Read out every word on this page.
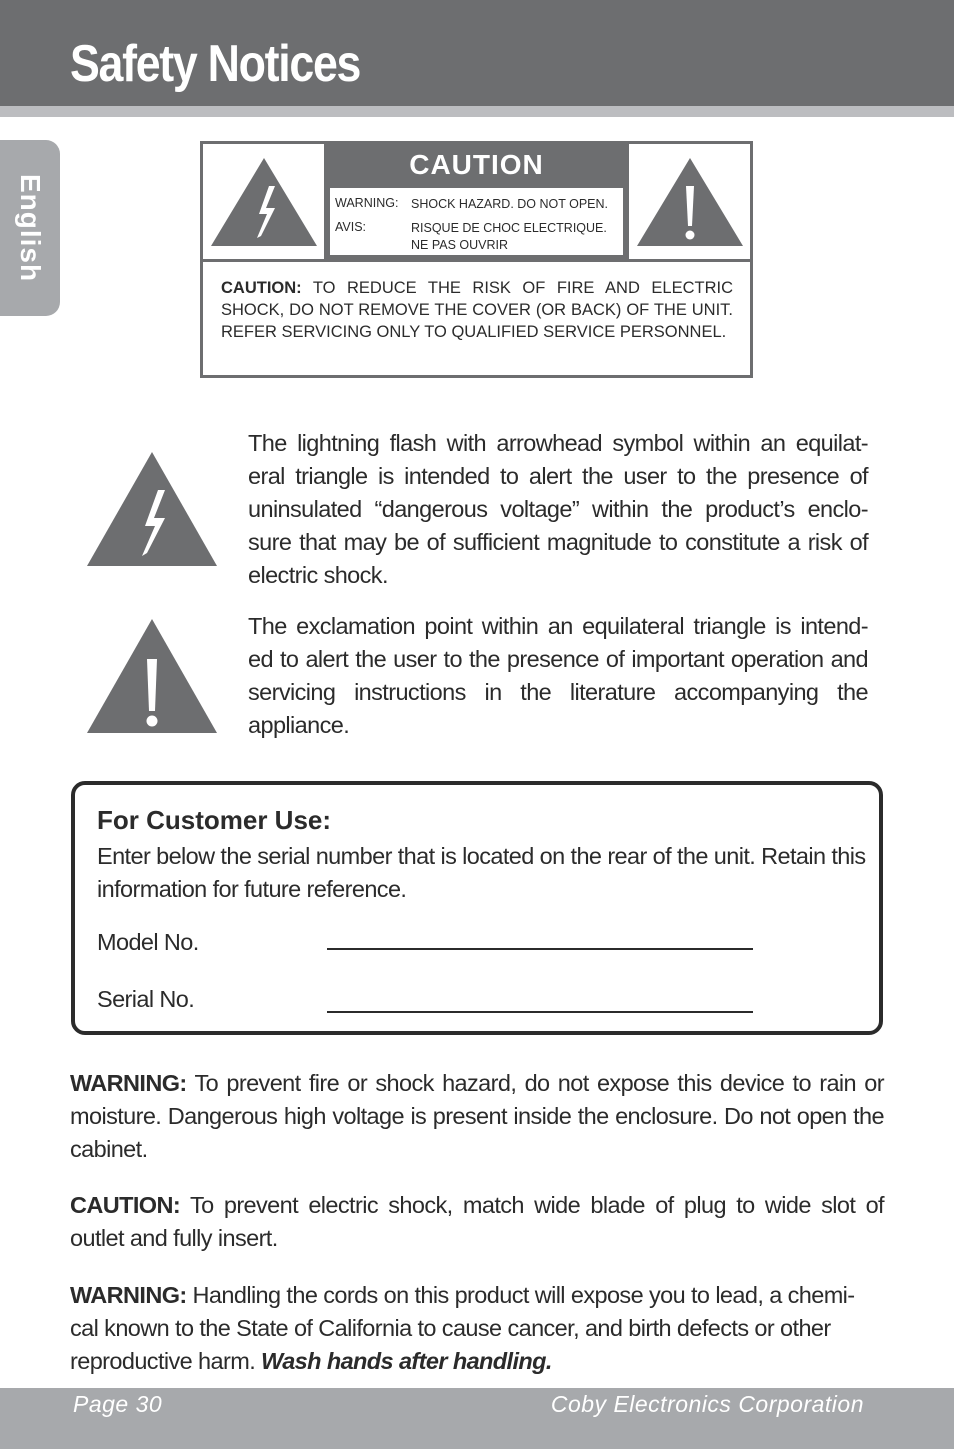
Safety Notices
English
CAUTION
WARNING: SHOCK HAZARD. DO NOT OPEN.
AVIS:	RISQUE DE CHOC ELECTRIQUE. NE PAS OUVRIR
CAUTION: TO REDUCE THE RISK OF FIRE AND ELECTRIC SHOCK, DO NOT REMOVE THE COVER (OR BACK) OF THE UNIT. REFER SERVICING ONLY TO QUALIFIED SERVICE PERSONNEL.
The lightning flash with arrowhead symbol within an equilat- eral triangle is intended to alert the user to the presence of uninsulated “dangerous voltage” within the product’s enclo- sure that may be of sufficient magnitude to constitute a risk of electric shock.
The exclamation point within an equilateral triangle is intend- ed to alert the user to the presence of important operation and servicing instructions in the literature accompanying the appliance.
For Customer Use:
Enter below the serial number that is located on the rear of the unit. Retain this information for future reference.
Model No.
Serial No.
WARNING: To prevent fire or shock hazard, do not expose this device to rain or moisture. Dangerous high voltage is present inside the enclosure. Do not open the cabinet.
CAUTION: To prevent electric shock, match wide blade of plug to wide slot of outlet and fully insert.
WARNING: Handling the cords on this product will expose you to lead, a chemi- cal known to the State of California to cause cancer, and birth defects or other reproductive harm. Wash hands after handling.
Page 30	Coby Electronics Corporation
